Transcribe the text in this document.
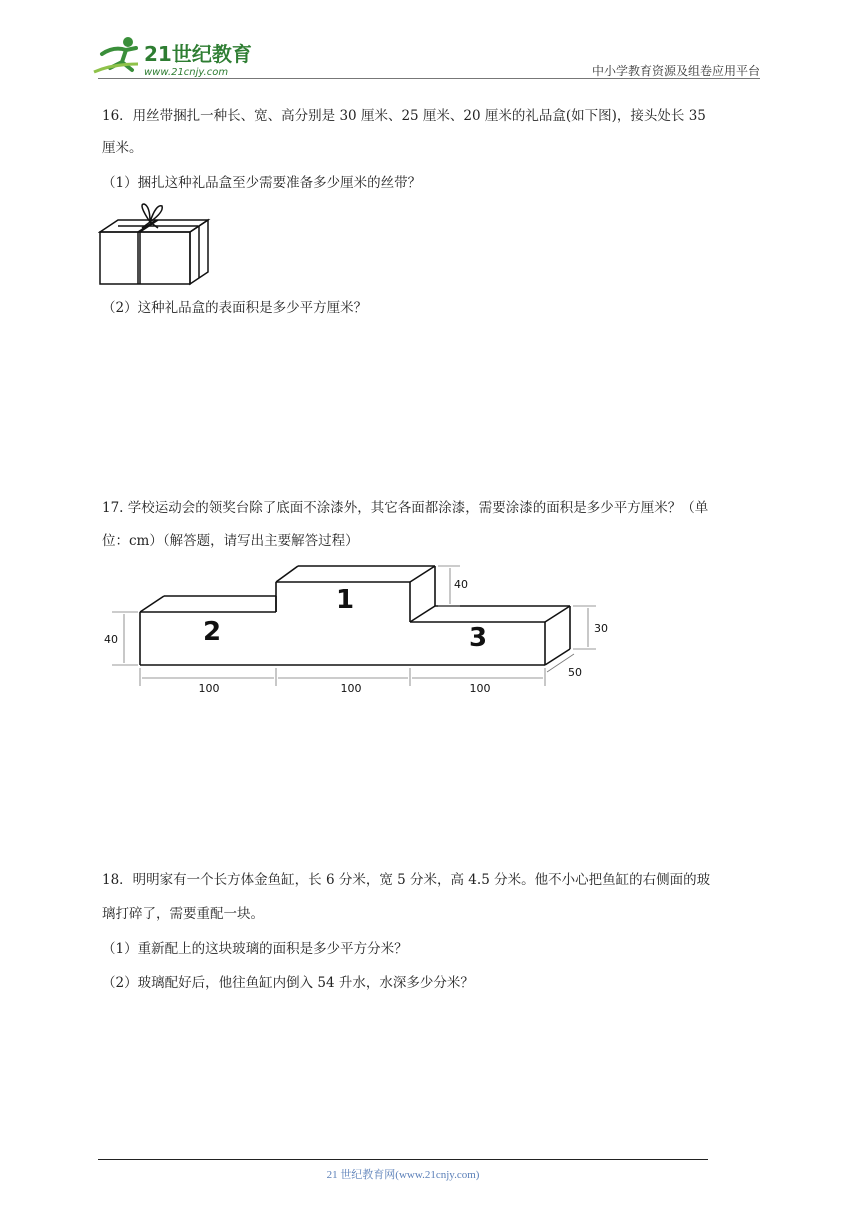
21世纪教育
www.21cnjy.com	中小学教育资源及组卷应用平台
16．用丝带捆扎一种长、宽、高分别是 30 厘米、25 厘米、20 厘米的礼品盒(如下图)，接头处长 35
厘米。
（1）捆扎这种礼品盒至少需要准备多少厘米的丝带？
（2）这种礼品盒的表面积是多少平方厘米？
17. 学校运动会的领奖台除了底面不涂漆外，其它各面都涂漆，需要涂漆的面积是多少平方厘米？（单
位：cm）（解答题，请写出主要解答过程）
1
2	3
40
40
30
50
100	100	100
18．明明家有一个长方体金鱼缸，长 6 分米，宽 5 分米，高 4.5 分米。他不小心把鱼缸的右侧面的玻
璃打碎了，需要重配一块。
（1）重新配上的这块玻璃的面积是多少平方分米？
（2）玻璃配好后，他往鱼缸内倒入 54 升水，水深多少分米？
21 世纪教育网(www.21cnjy.com)
